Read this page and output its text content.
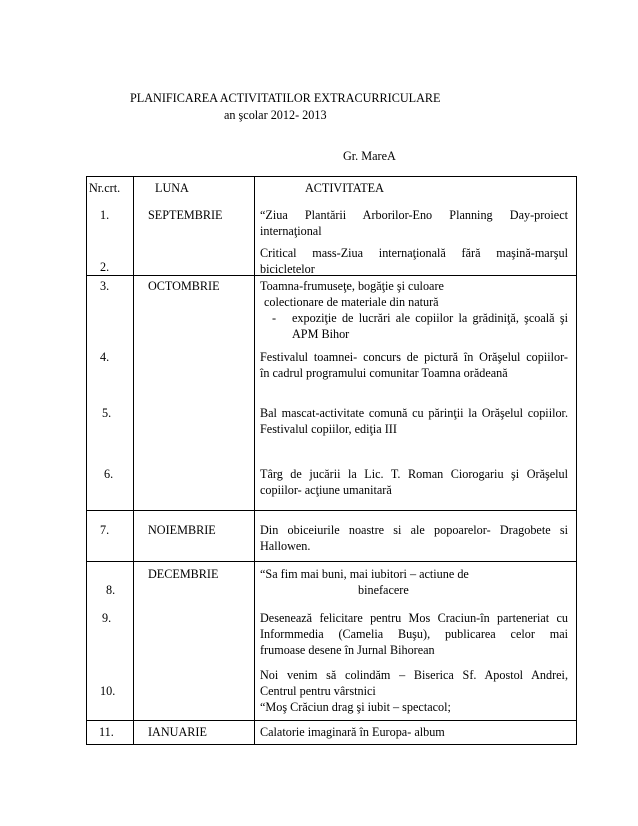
PLANIFICAREA ACTIVITATILOR EXTRACURRICULARE
an şcolar 2012- 2013
Gr. MareA
Nr.crt.	LUNA	ACTIVITATEA
1.
2.
3.
4.
5.
6.
7.
8.
9.
10.
11.
SEPTEMBRIE
OCTOMBRIE
NOIEMBRIE
DECEMBRIE
IANUARIE
“Ziua Plantării Arborilor-Eno Planning Day-proiect
internaţional
Critical mass-Ziua internaţională fără maşină-marşul
bicicletelor
Toamna-frumuseţe, bogăţie şi culoare
colectionare de materiale din natură
- expoziţie de lucrări ale copiilor la grădiniţă, şcoală şi
APM Bihor
Festivalul toamnei- concurs de pictură în Orăşelul copiilor-
în cadrul programului comunitar Toamna orădeană
Bal mascat-activitate comună cu părinţii la Orăşelul copiilor.
Festivalul copiilor, ediţia III
Târg de jucării la Lic. T. Roman Ciorogariu şi Orăşelul
copiilor- acţiune umanitară
Din obiceiurile noastre si ale popoarelor- Dragobete si
Hallowen.
“Sa fim mai buni, mai iubitori – actiune de
binefacere
Desenează felicitare pentru Mos Craciun-în parteneriat cu
Informmedia (Camelia Buşu), publicarea celor mai
frumoase desene în Jurnal Bihorean
Noi venim să colindăm – Biserica Sf. Apostol Andrei,
Centrul pentru vârstnici
“Moş Crăciun drag şi iubit – spectacol;
Calatorie imaginară în Europa- album
